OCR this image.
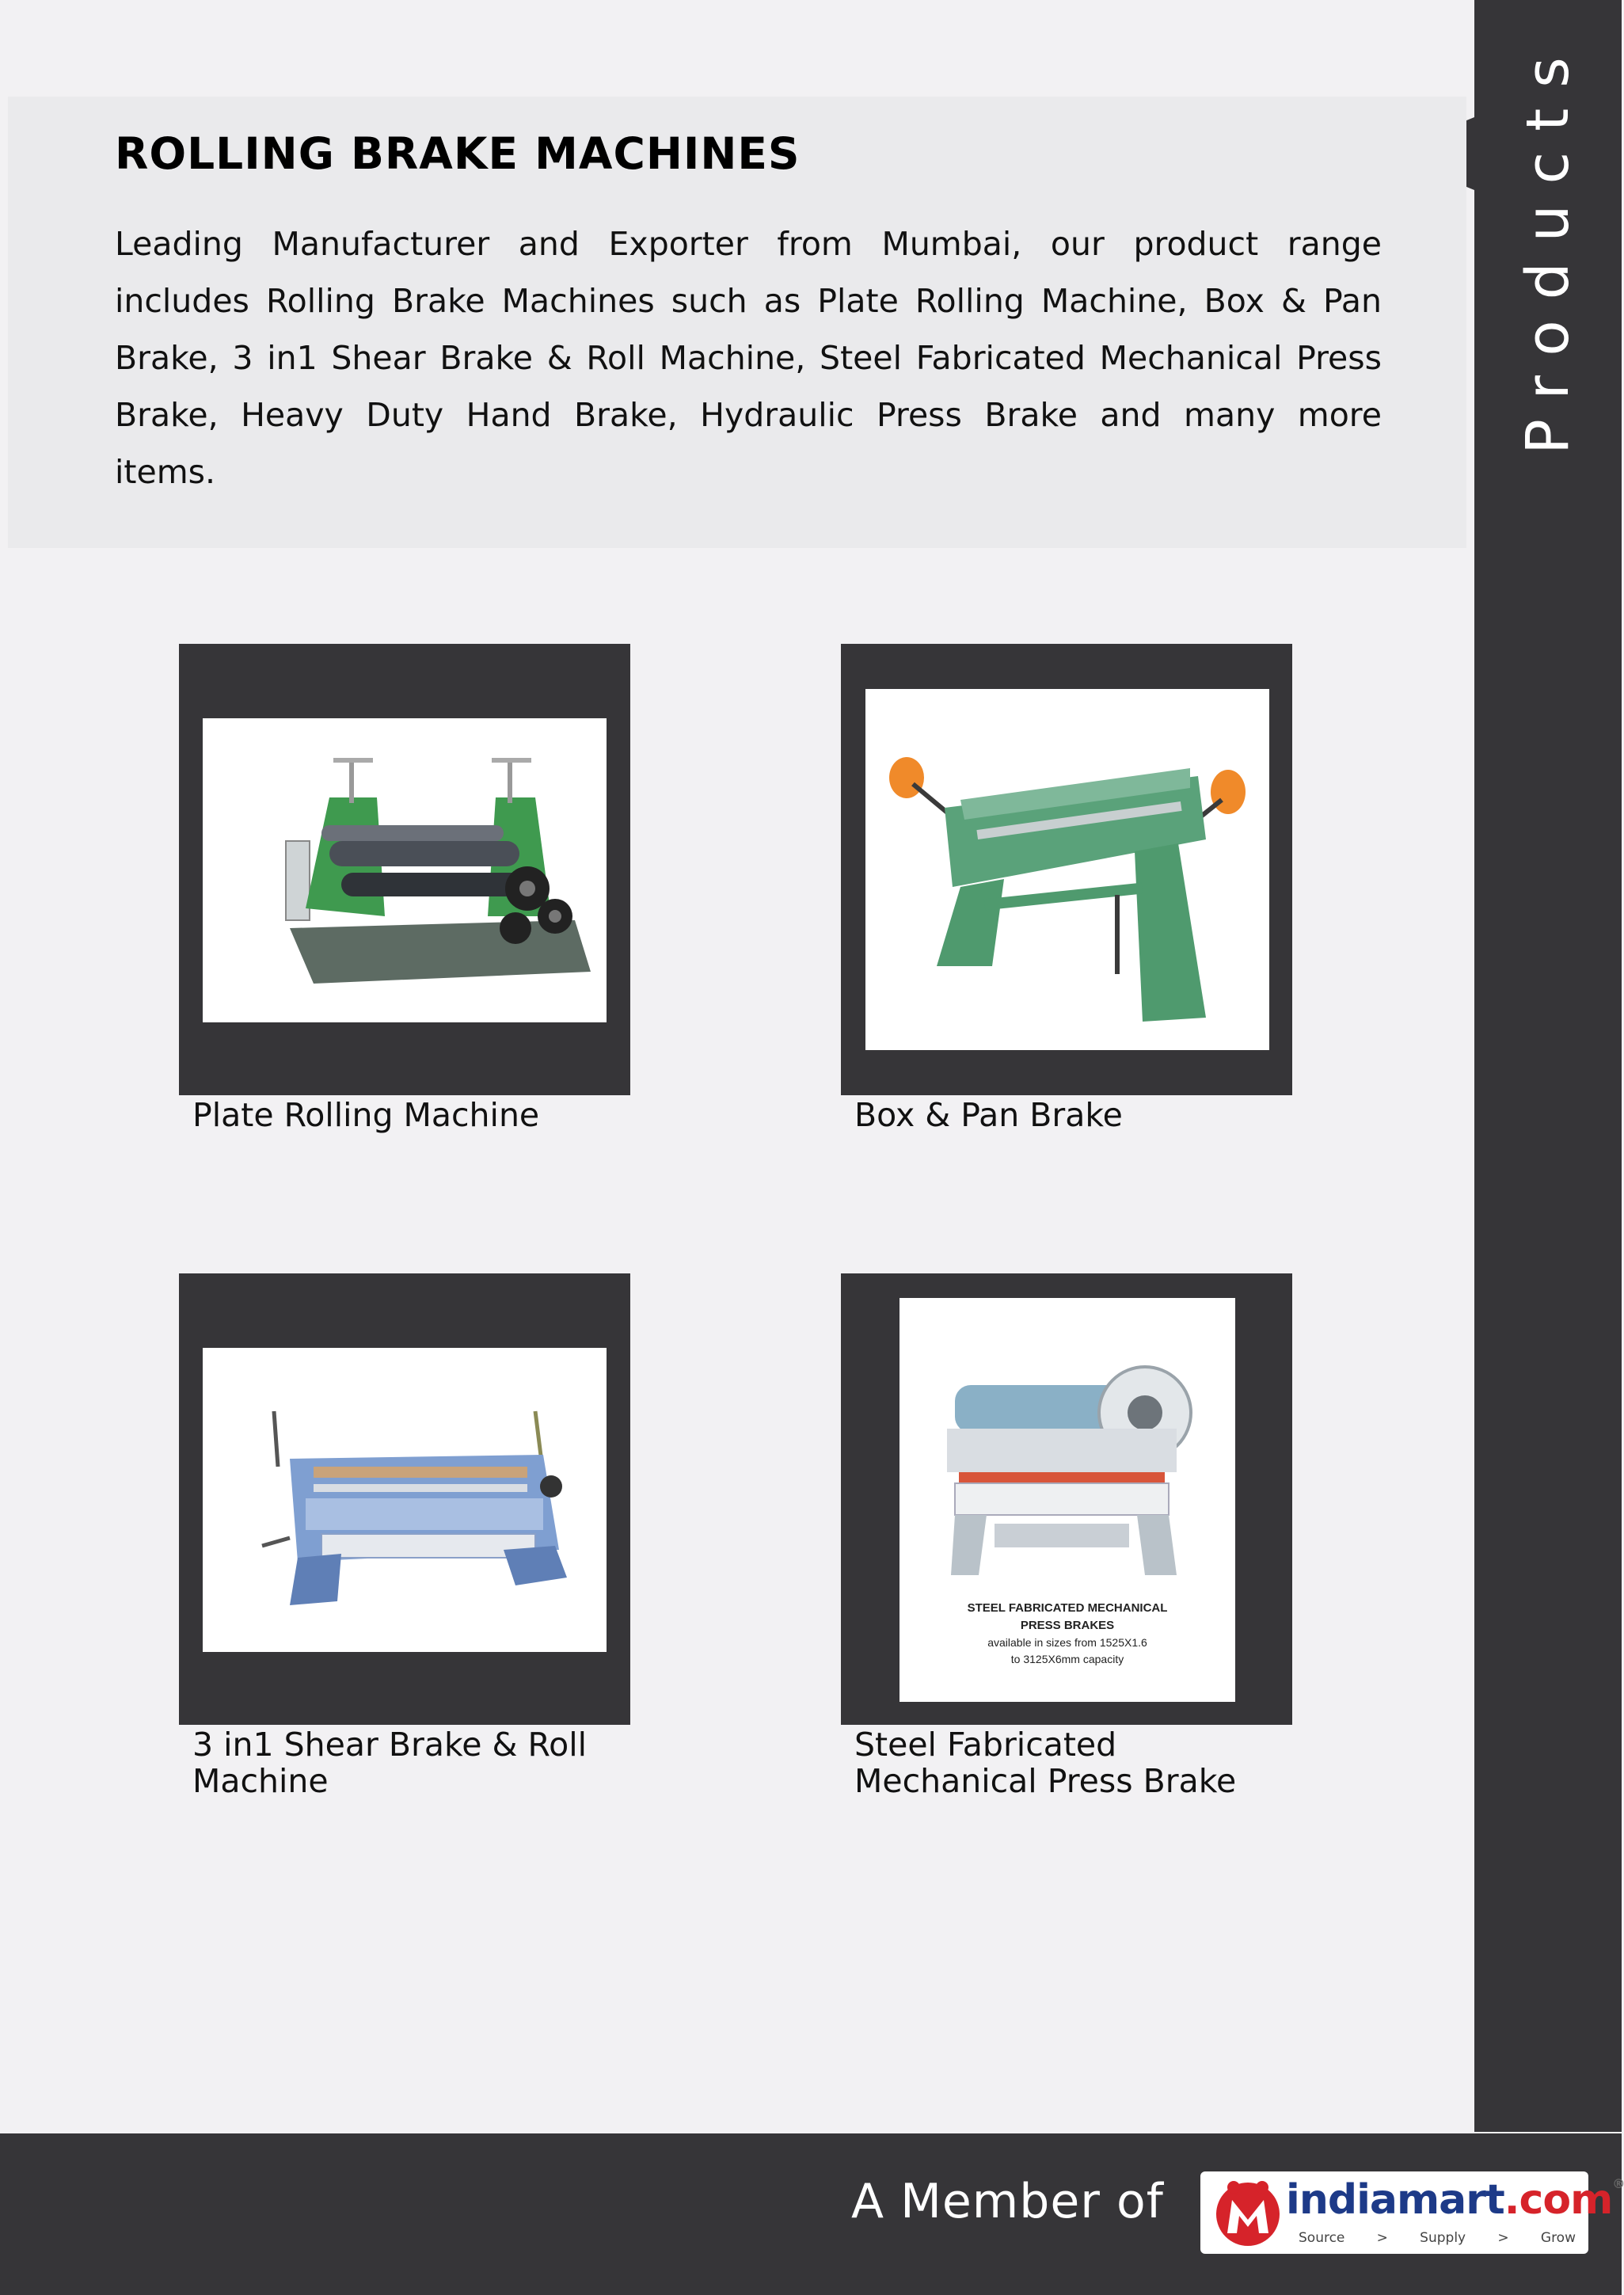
Products
ROLLING BRAKE MACHINES

Leading Manufacturer and Exporter from Mumbai, our product range includes Rolling Brake Machines such as Plate Rolling Machine, Box & Pan Brake, 3 in1 Shear Brake & Roll Machine, Steel Fabricated Mechanical Press Brake, Heavy Duty Hand Brake, Hydraulic Press Brake and many more items.

Plate Rolling Machine	Box & Pan Brake

3 in1 Shear Brake & Roll Machine

STEEL FABRICATED MECHANICAL
PRESS BRAKES
available in sizes from 1525X1.6
to 3125X6mm capacity

Steel Fabricated Mechanical Press Brake

A Member of	indiamart.com®
Source > Supply > Grow
